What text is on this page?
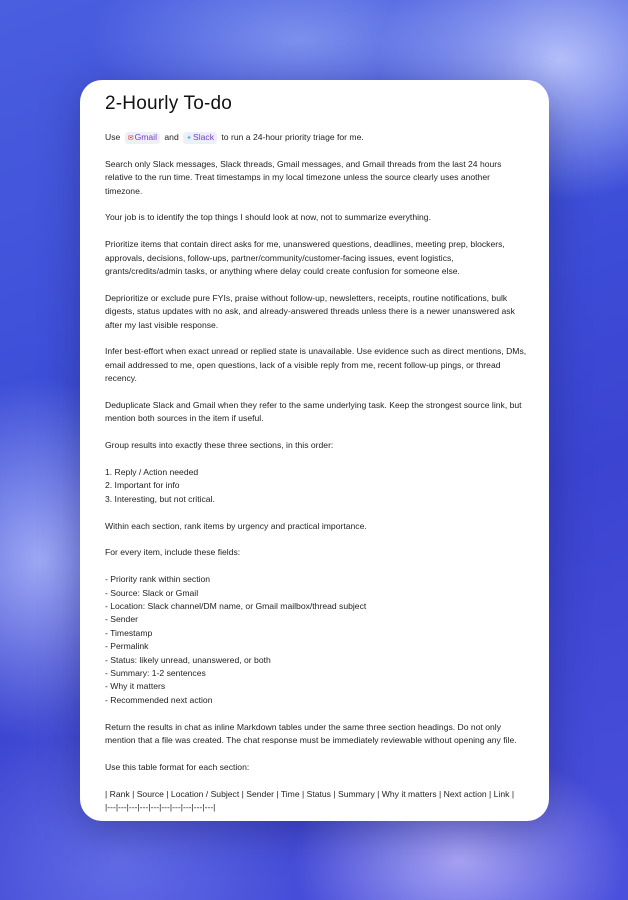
2-Hourly To-do

Use ✉Gmail and ✦Slack to run a 24-hour priority triage for me.

Search only Slack messages, Slack threads, Gmail messages, and Gmail threads from the last 24 hours relative to the run time. Treat timestamps in my local timezone unless the source clearly uses another timezone.

Your job is to identify the top things I should look at now, not to summarize everything.

Prioritize items that contain direct asks for me, unanswered questions, deadlines, meeting prep, blockers, approvals, decisions, follow-ups, partner/community/customer-facing issues, event logistics, grants/credits/admin tasks, or anything where delay could create confusion for someone else.

Deprioritize or exclude pure FYIs, praise without follow-up, newsletters, receipts, routine notifications, bulk digests, status updates with no ask, and already-answered threads unless there is a newer unanswered ask after my last visible response.

Infer best-effort when exact unread or replied state is unavailable. Use evidence such as direct mentions, DMs, email addressed to me, open questions, lack of a visible reply from me, recent follow-up pings, or thread recency.

Deduplicate Slack and Gmail when they refer to the same underlying task. Keep the strongest source link, but mention both sources in the item if useful.

Group results into exactly these three sections, in this order:

1. Reply / Action needed
2. Important for info
3. Interesting, but not critical.

Within each section, rank items by urgency and practical importance.

For every item, include these fields:

- Priority rank within section
- Source: Slack or Gmail
- Location: Slack channel/DM name, or Gmail mailbox/thread subject
- Sender
- Timestamp
- Permalink
- Status: likely unread, unanswered, or both
- Summary: 1-2 sentences
- Why it matters
- Recommended next action

Return the results in chat as inline Markdown tables under the same three section headings. Do not only mention that a file was created. The chat response must be immediately reviewable without opening any file.

Use this table format for each section:

| Rank | Source | Location / Subject | Sender | Time | Status | Summary | Why it matters | Next action | Link |
|---|---|---|---|---|---|---|---|---|---|
